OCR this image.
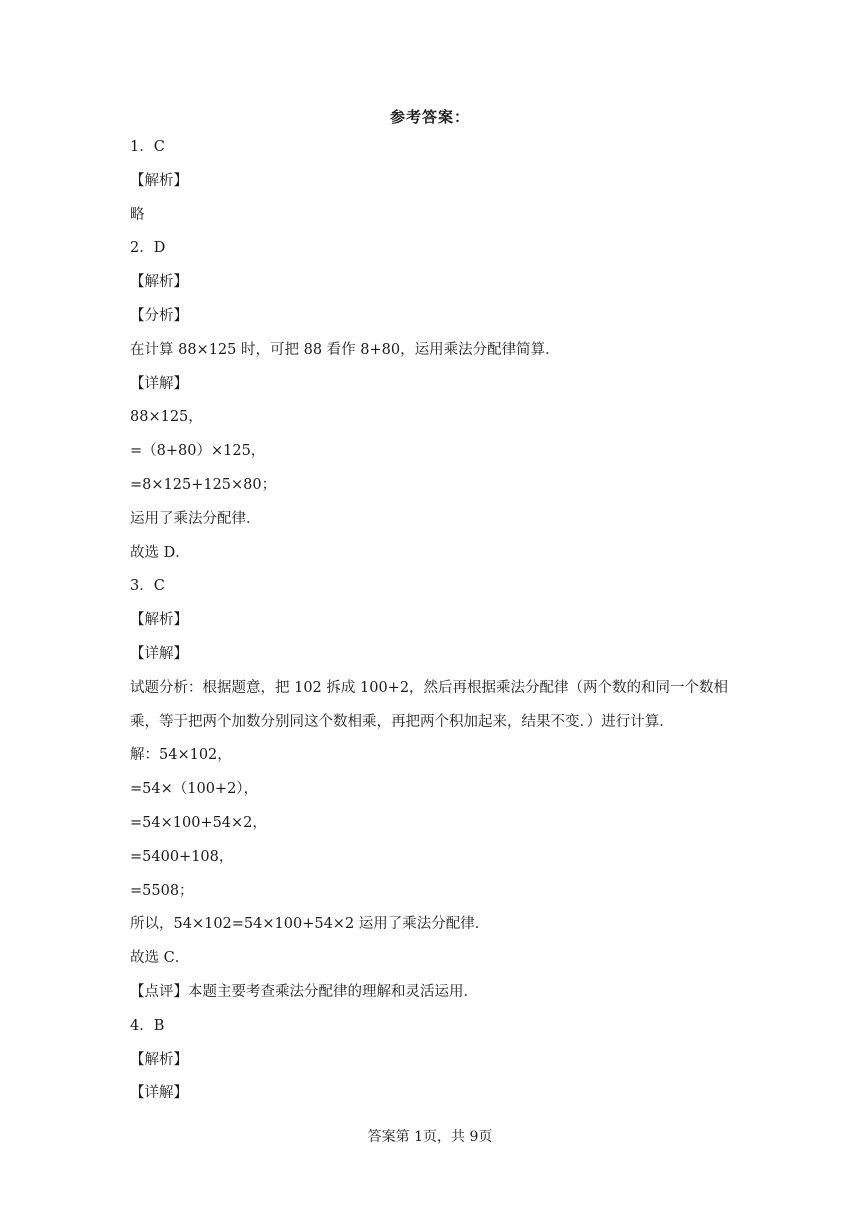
参考答案：
1．C
【解析】
略
2．D
【解析】
【分析】
在计算 88×125 时，可把 88 看作 8+80，运用乘法分配律简算．
【详解】
88×125，
=（8+80）×125，
=8×125+125×80；
运用了乘法分配律．
故选 D．
3．C
【解析】
【详解】
试题分析：根据题意，把 102 拆成 100+2，然后再根据乘法分配律（两个数的和同一个数相
乘，等于把两个加数分别同这个数相乘，再把两个积加起来，结果不变．）进行计算．
解：54×102，
=54×（100+2），
=54×100+54×2，
=5400+108，
=5508；
所以，54×102=54×100+54×2 运用了乘法分配律．
故选 C．
【点评】本题主要考查乘法分配律的理解和灵活运用．
4．B
【解析】
【详解】
答案第 1页，共 9页
